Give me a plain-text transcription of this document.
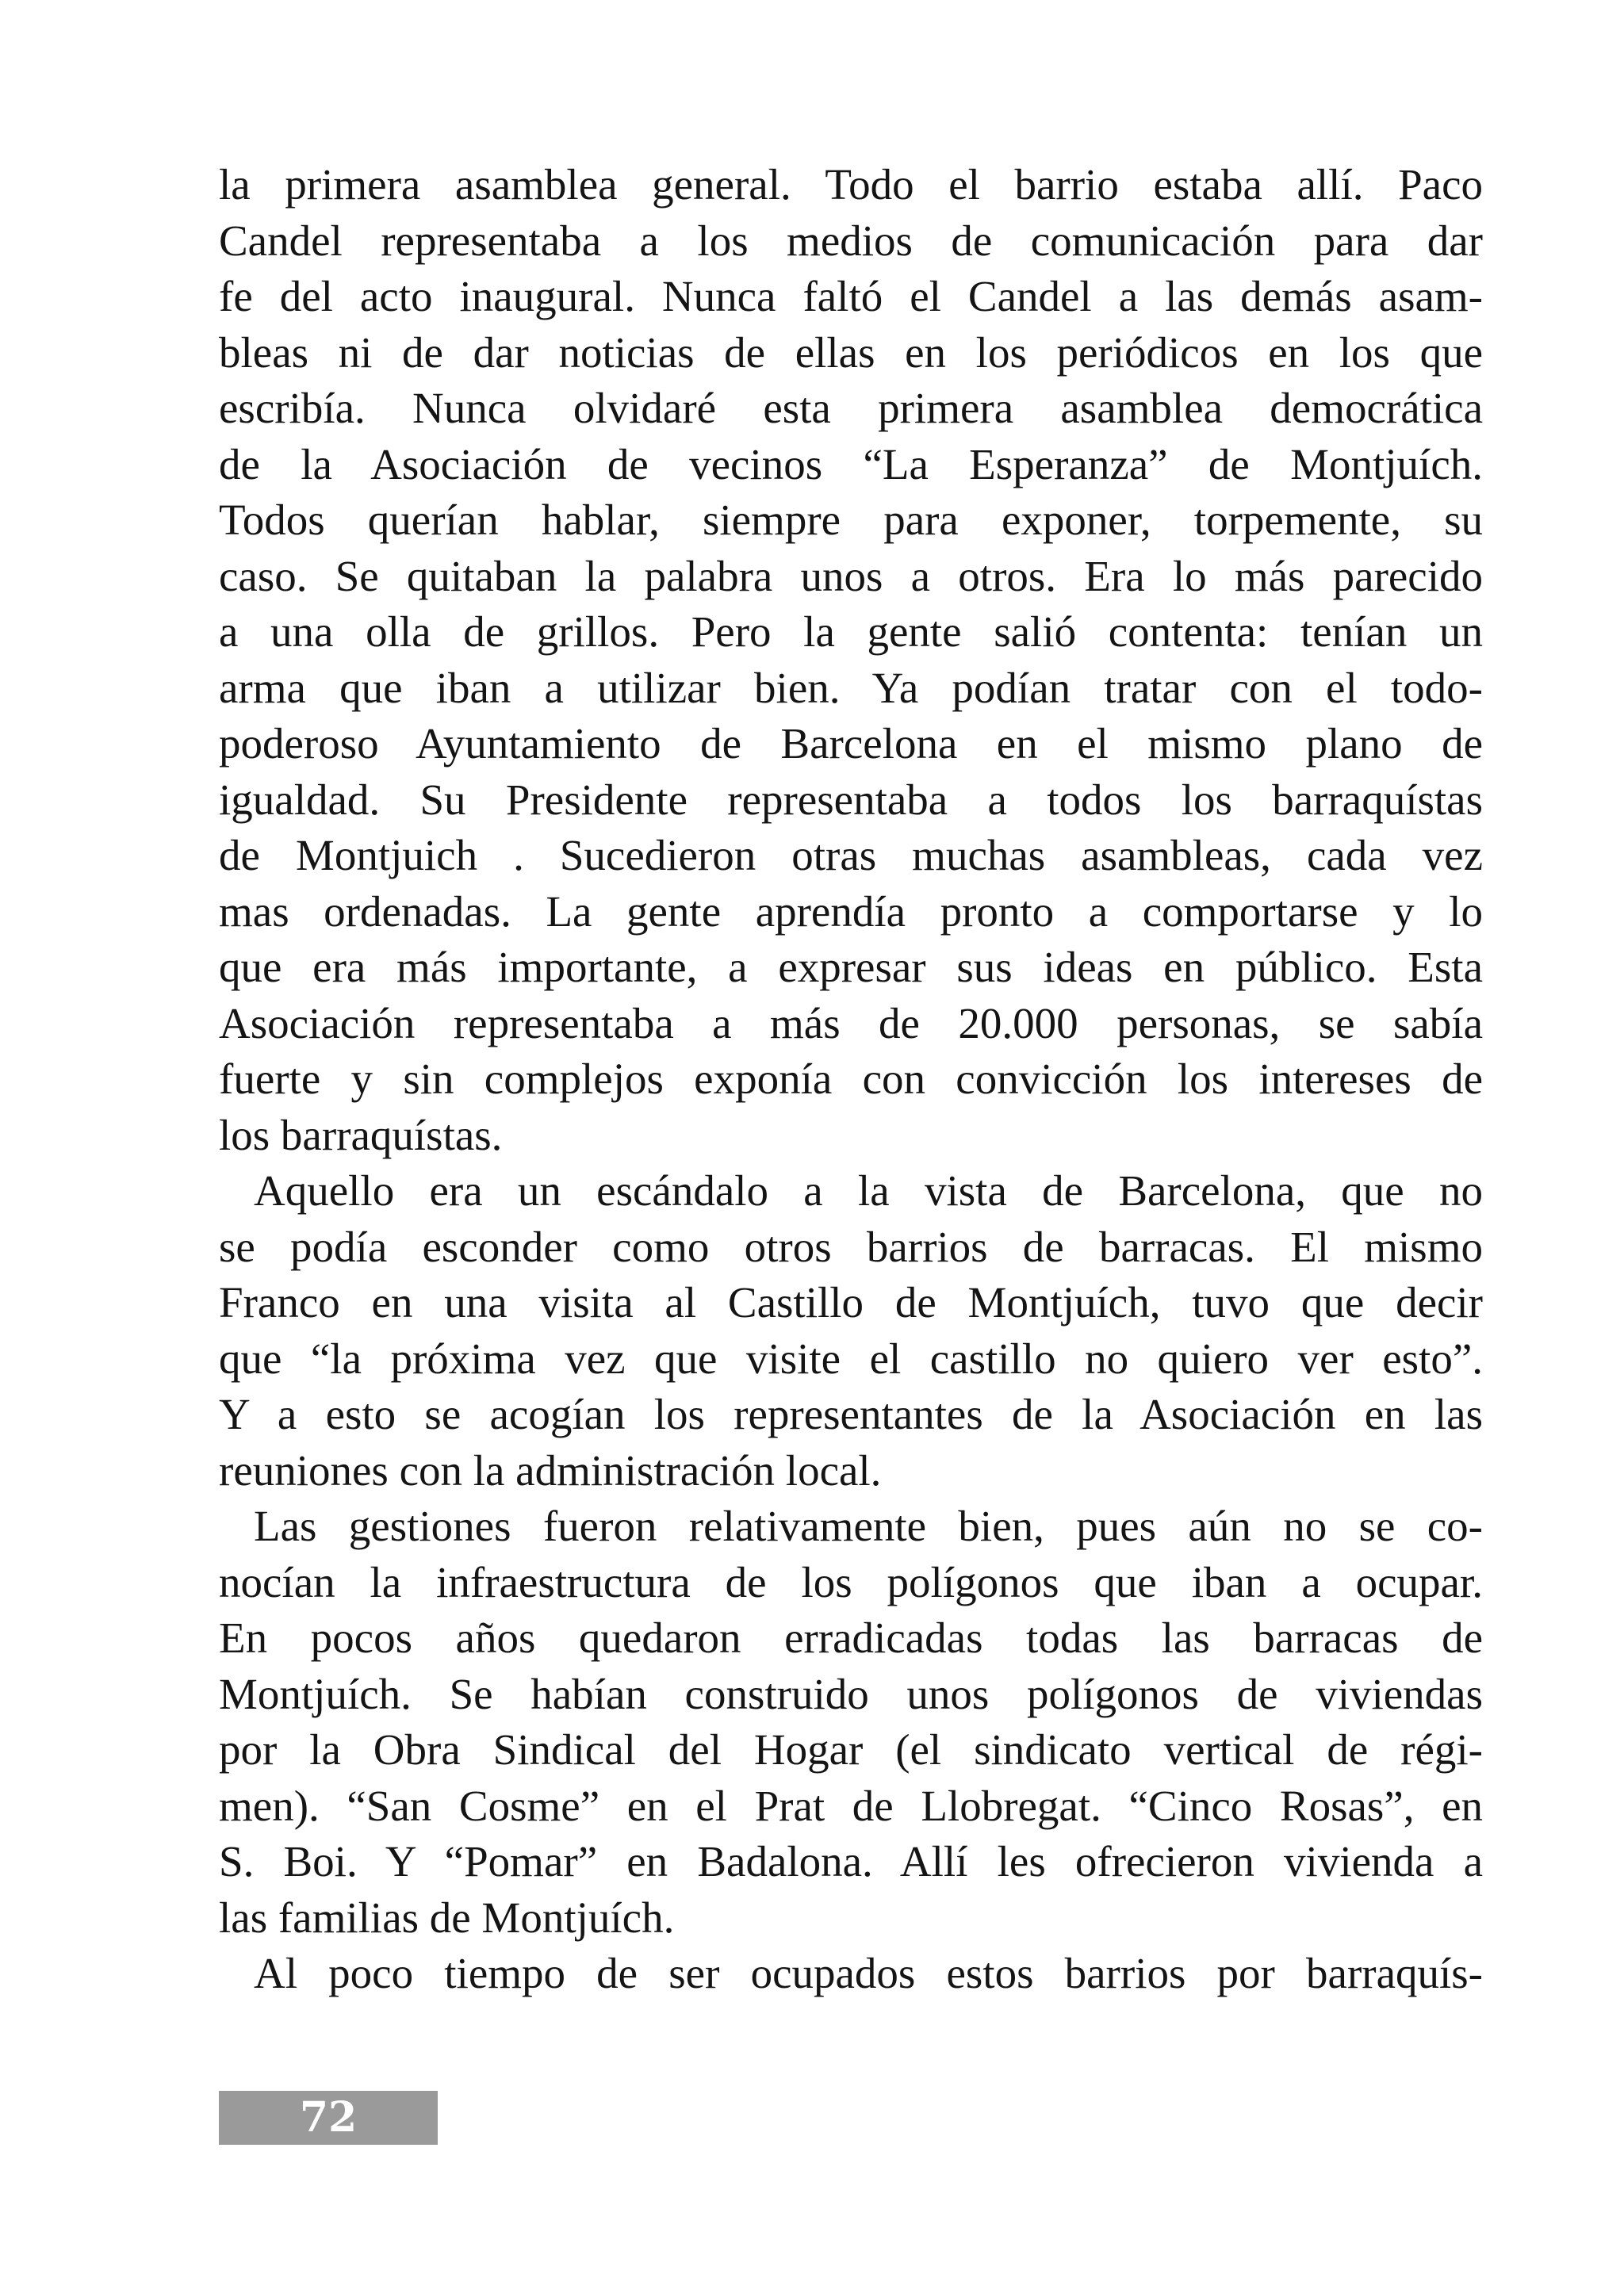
la primera asamblea general. Todo el barrio estaba allí. Paco
Candel representaba a los medios de comunicación para dar
fe del acto inaugural. Nunca faltó el Candel a las demás asam-
bleas ni de dar noticias de ellas en los periódicos en los que
escribía. Nunca olvidaré esta primera asamblea democrática
de la Asociación de vecinos “La Esperanza” de Montjuích.
Todos querían hablar, siempre para exponer, torpemente, su
caso. Se quitaban la palabra unos a otros. Era lo más parecido
a una olla de grillos. Pero la gente salió contenta: tenían un
arma que iban a utilizar bien. Ya podían tratar con el todo-
poderoso Ayuntamiento de Barcelona en el mismo plano de
igualdad. Su Presidente representaba a todos los barraquístas
de Montjuich . Sucedieron otras muchas asambleas, cada vez
mas ordenadas. La gente aprendía pronto a comportarse y lo
que era más importante, a expresar sus ideas en público. Esta
Asociación representaba a más de 20.000 personas, se sabía
fuerte y sin complejos exponía con convicción los intereses de
los barraquístas.
Aquello era un escándalo a la vista de Barcelona, que no
se podía esconder como otros barrios de barracas. El mismo
Franco en una visita al Castillo de Montjuích, tuvo que decir
que “la próxima vez que visite el castillo no quiero ver esto”.
Y a esto se acogían los representantes de la Asociación en las
reuniones con la administración local.
Las gestiones fueron relativamente bien, pues aún no se co-
nocían la infraestructura de los polígonos que iban a ocupar.
En pocos años quedaron erradicadas todas las barracas de
Montjuích. Se habían construido unos polígonos de viviendas
por la Obra Sindical del Hogar (el sindicato vertical de régi-
men). “San Cosme” en el Prat de Llobregat. “Cinco Rosas”, en
S. Boi. Y “Pomar” en Badalona. Allí les ofrecieron vivienda a
las familias de Montjuích.
Al poco tiempo de ser ocupados estos barrios por barraquís-
72
